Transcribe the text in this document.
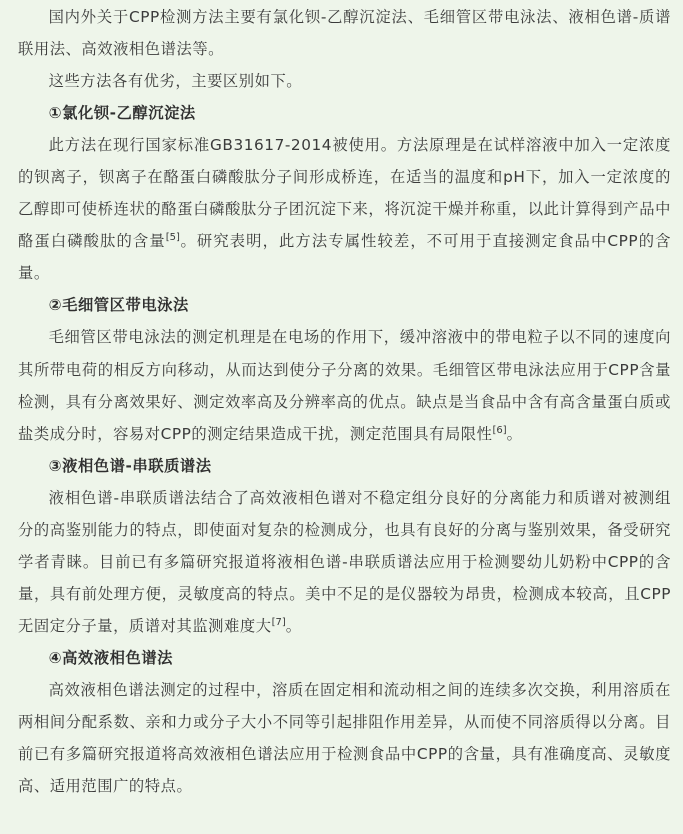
国内外关于CPP检测方法主要有氯化钡-乙醇沉淀法、毛细管区带电泳法、液相色谱-质谱联用法、高效液相色谱法等。

这些方法各有优劣，主要区别如下。

①氯化钡-乙醇沉淀法

此方法在现行国家标准GB31617-2014被使用。方法原理是在试样溶液中加入一定浓度的钡离子，钡离子在酪蛋白磷酸肽分子间形成桥连，在适当的温度和pH下，加入一定浓度的乙醇即可使桥连状的酪蛋白磷酸肽分子团沉淀下来，将沉淀干燥并称重，以此计算得到产品中酪蛋白磷酸肽的含量[5]。研究表明，此方法专属性较差，不可用于直接测定食品中CPP的含量。

②毛细管区带电泳法

毛细管区带电泳法的测定机理是在电场的作用下，缓冲溶液中的带电粒子以不同的速度向其所带电荷的相反方向移动，从而达到使分子分离的效果。毛细管区带电泳法应用于CPP含量检测，具有分离效果好、测定效率高及分辨率高的优点。缺点是当食品中含有高含量蛋白质或盐类成分时，容易对CPP的测定结果造成干扰，测定范围具有局限性[6]。

③液相色谱-串联质谱法

液相色谱-串联质谱法结合了高效液相色谱对不稳定组分良好的分离能力和质谱对被测组分的高鉴别能力的特点，即使面对复杂的检测成分，也具有良好的分离与鉴别效果，备受研究学者青睐。目前已有多篇研究报道将液相色谱-串联质谱法应用于检测婴幼儿奶粉中CPP的含量，具有前处理方便，灵敏度高的特点。美中不足的是仪器较为昂贵，检测成本较高，且CPP无固定分子量，质谱对其监测难度大[7]。

④高效液相色谱法

高效液相色谱法测定的过程中，溶质在固定相和流动相之间的连续多次交换，利用溶质在两相间分配系数、亲和力或分子大小不同等引起排阻作用差异，从而使不同溶质得以分离。目前已有多篇研究报道将高效液相色谱法应用于检测食品中CPP的含量，具有准确度高、灵敏度高、适用范围广的特点。
